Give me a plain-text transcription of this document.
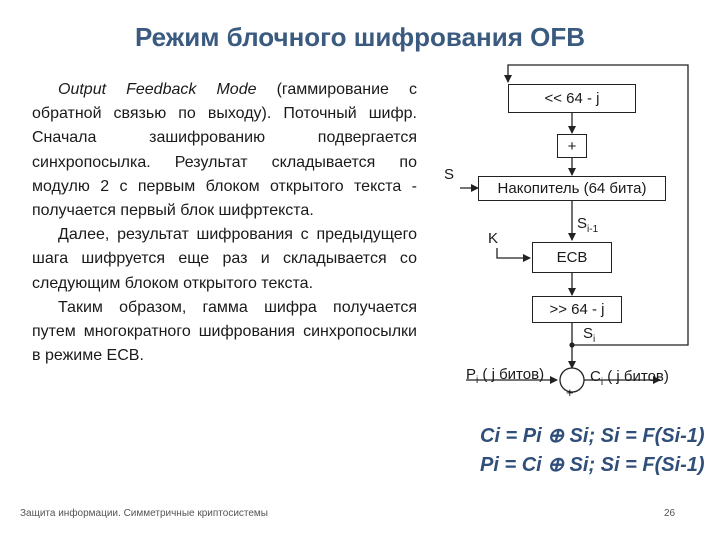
Режим блочного шифрования OFB

Output Feedback Mode (гаммирование с обратной связью по выходу). Поточный шифр. Сначала зашифрованию подвергается синхропосылка. Результат складывается по модулю 2 с первым блоком открытого текста - получается первый блок шифртекста.

Далее, результат шифрования с предыдущего шага шифруется еще раз и складывается со следующим блоком открытого текста.

Таким образом, гамма шифра получается путем многократного шифрования синхропосылки в режиме ECB.

<< 64 - j
+
S
Накопитель (64 бита)
$S_{i-1}$
K
ECB
>> 64 - j
$S_i$
$P_i$ ( j битов)	$C_i$ ( j битов)
+
Ci = Pi ⊕ Si; Si = F(Si-1)
Pi = Ci ⊕ Si; Si = F(Si-1)
Защита информации. Симметричные криптосистемы	26
